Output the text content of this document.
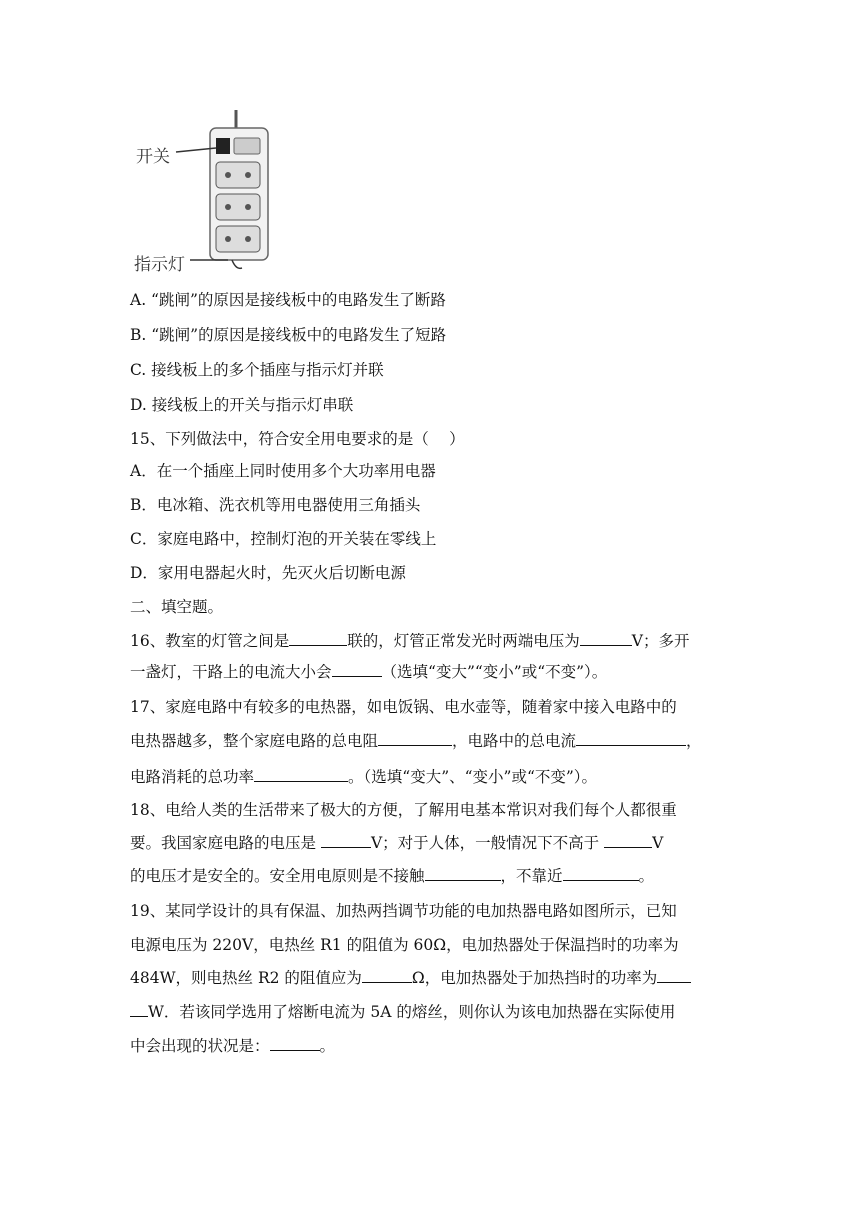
开关
指示灯
A. “跳闸”的原因是接线板中的电路发生了断路
B. “跳闸”的原因是接线板中的电路发生了短路
C. 接线板上的多个插座与指示灯并联
D. 接线板上的开关与指示灯串联
15、下列做法中，符合安全用电要求的是（　 ）
A．在一个插座上同时使用多个大功率用电器
B．电冰箱、洗衣机等用电器使用三角插头
C．家庭电路中，控制灯泡的开关装在零线上
D．家用电器起火时，先灭火后切断电源
二、填空题。
16、教室的灯管之间是	联的，灯管正常发光时两端电压为	V；多开
一盏灯，干路上的电流大小会	（选填“变大”“变小”或“不变”）。
17、家庭电路中有较多的电热器，如电饭锅、电水壶等，随着家中接入电路中的
电热器越多，整个家庭电路的总电阻	，电路中的总电流	，
电路消耗的总功率	。（选填“变大”、“变小”或“不变”）。
18、电给人类的生活带来了极大的方便，了解用电基本常识对我们每个人都很重
要。我国家庭电路的电压是	V；对于人体，一般情况下不高于	V
的电压才是安全的。安全用电原则是不接触	，不靠近	。
19、某同学设计的具有保温、加热两挡调节功能的电加热器电路如图所示，已知
电源电压为 220V，电热丝 R1 的阻值为 60Ω，电加热器处于保温挡时的功率为
484W，则电热丝 R2 的阻值应为	Ω，电加热器处于加热挡时的功率为
W．若该同学选用了熔断电流为 5A 的熔丝，则你认为该电加热器在实际使用
中会出现的状况是：	。
